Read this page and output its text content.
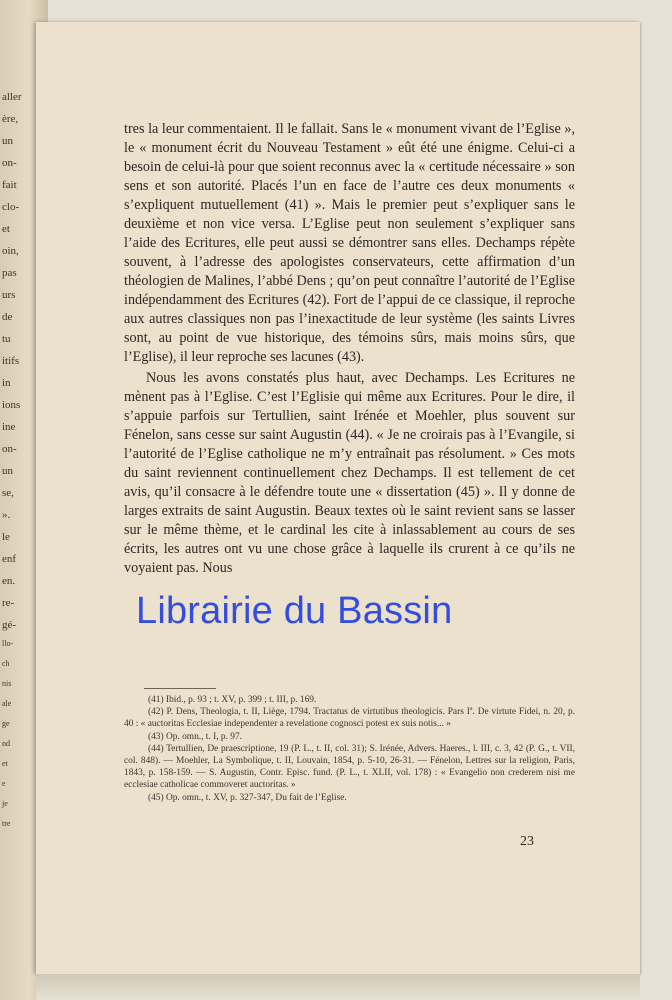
aller
ère,
un
on-
fait
clo-
et
oin,
pas
urs
de
tu
itifs
in
ions
ine
on-
un
se,
».
le
enf
en.
re-
gé-
llo-
ch
nis
ale
ge
nd
et
e
je
tre

tres la leur commentaient. Il le fallait. Sans le « monument vivant de l’Eglise », le « monument écrit du Nouveau Testament » eût été une énigme. Celui-ci a besoin de celui-là pour que soient reconnus avec la « certitude nécessaire » son sens et son autorité. Placés l’un en face de l’autre ces deux monuments « s’expliquent mutuellement (41) ». Mais le premier peut s’expliquer sans le deuxième et non vice versa. L’Eglise peut non seulement s’expliquer sans l’aide des Ecritures, elle peut aussi se démontrer sans elles. Dechamps répète souvent, à l’adresse des apologistes conservateurs, cette affirmation d’un théologien de Malines, l’abbé Dens ; qu’on peut connaître l’autorité de l’Eglise indépendamment des Ecritures (42). Fort de l’appui de ce classique, il reproche aux autres classiques non pas l’inexactitude de leur système (les saints Livres sont, au point de vue historique, des témoins sûrs, mais moins sûrs, que l’Eglise), il leur reproche ses lacunes (43).

Nous les avons constatés plus haut, avec Dechamps. Les Ecritures ne mènent pas à l’Eglise. C’est l’Eglisie qui même aux Ecritures. Pour le dire, il s’appuie parfois sur Tertullien, saint Irénée et Moehler, plus souvent sur Fénelon, sans cesse sur saint Augustin (44). « Je ne croirais pas à l’Evangile, si l’autorité de l’Eglise catholique ne m’y entraînait pas résolument. » Ces mots du saint reviennent continuellement chez Dechamps. Il est tellement de cet avis, qu’il consacre à le défendre toute une « dissertation (45) ». Il y donne de larges extraits de saint Augustin. Beaux textes où le saint revient sans se lasser sur le même thème, et le cardinal les cite à inlassablement au cours de ses écrits, les autres ont vu une chose grâce à laquelle ils crurent à ce qu’ils ne voyaient pas. Nous

(41) Ibid., p. 93 ; t. XV, p. 399 ; t. III, p. 169.

(42) P. Dens, Theologia, t. II, Liège, 1794. Tractatus de virtutibus theologicis. Pars Iª. De virtute Fidei, n. 20, p. 40 : « auctoritas Ecclesiae independenter a revelatione cognosci potest ex suis notis... »

(43) Op. omn., t. I, p. 97.

(44) Tertullien, De praescriptione, 19 (P. L., t. II, col. 31); S. Irénée, Advers. Haeres., l. III, c. 3, 42 (P. G., t. VII, col. 848). — Moehler, La Symbolique, t. II, Louvain, 1854, p. 5-10, 26-31. — Fénelon, Lettres sur la religion, Paris, 1843, p. 158-159. — S. Augustin, Contr. Episc. fund. (P. L., t. XLII, vol. 178) : « Evangelio non crederem nisi me ecclesiae catholicae commoveret auctoritas. »

(45) Op. omn., t. XV, p. 327-347, Du fait de l’Eglise.

23
Librairie du Bassin
